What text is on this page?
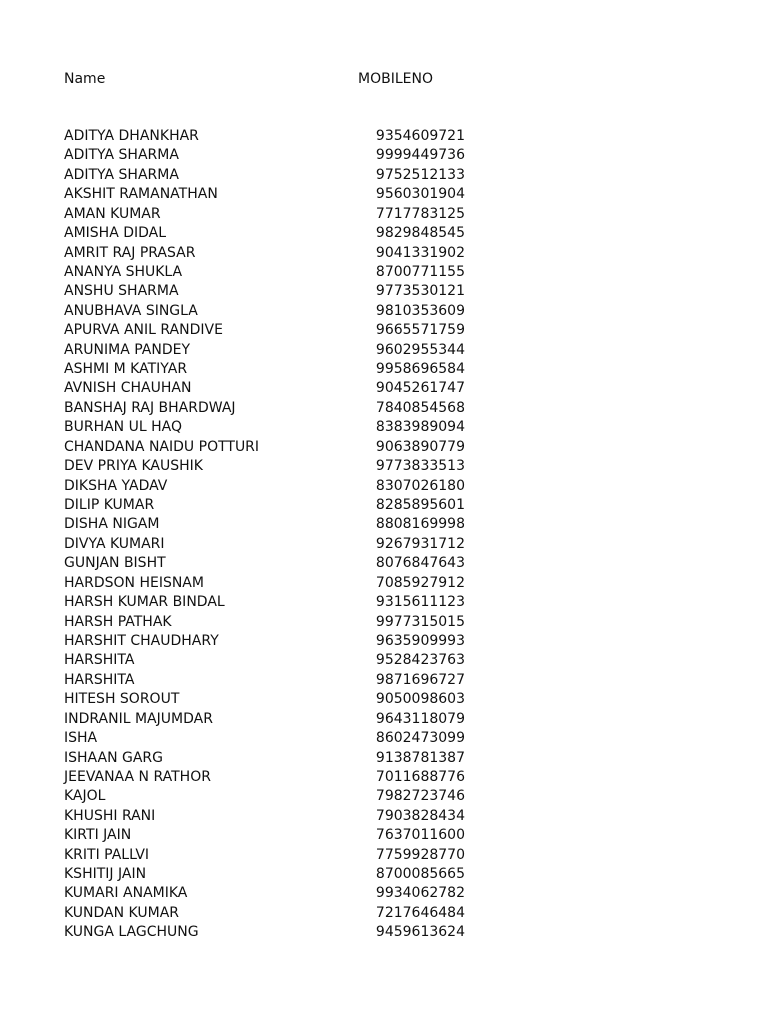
Name	MOBILENO
ADITYA DHANKHAR	9354609721
ADITYA SHARMA	9999449736
ADITYA SHARMA	9752512133
AKSHIT RAMANATHAN	9560301904
AMAN KUMAR	7717783125
AMISHA DIDAL	9829848545
AMRIT RAJ PRASAR	9041331902
ANANYA SHUKLA	8700771155
ANSHU SHARMA	9773530121
ANUBHAVA SINGLA	9810353609
APURVA ANIL RANDIVE	9665571759
ARUNIMA PANDEY	9602955344
ASHMI M KATIYAR	9958696584
AVNISH CHAUHAN	9045261747
BANSHAJ RAJ BHARDWAJ	7840854568
BURHAN UL HAQ	8383989094
CHANDANA NAIDU POTTURI	9063890779
DEV PRIYA KAUSHIK	9773833513
DIKSHA YADAV	8307026180
DILIP KUMAR	8285895601
DISHA NIGAM	8808169998
DIVYA KUMARI	9267931712
GUNJAN BISHT	8076847643
HARDSON HEISNAM	7085927912
HARSH KUMAR BINDAL	9315611123
HARSH PATHAK	9977315015
HARSHIT CHAUDHARY	9635909993
HARSHITA	9528423763
HARSHITA	9871696727
HITESH SOROUT	9050098603
INDRANIL MAJUMDAR	9643118079
ISHA	8602473099
ISHAAN GARG	9138781387
JEEVANAA N RATHOR	7011688776
KAJOL	7982723746
KHUSHI RANI	7903828434
KIRTI JAIN	7637011600
KRITI PALLVI	7759928770
KSHITIJ JAIN	8700085665
KUMARI ANAMIKA	9934062782
KUNDAN KUMAR	7217646484
KUNGA LAGCHUNG	9459613624
